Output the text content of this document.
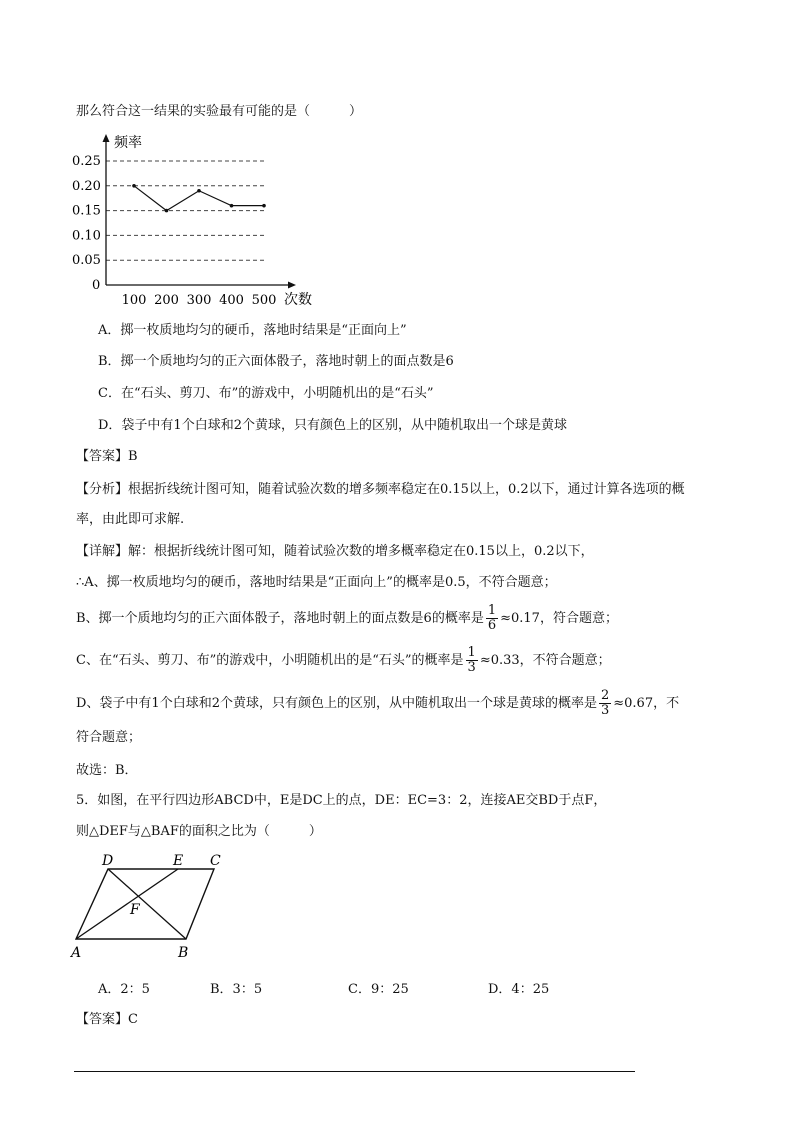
那么符合这一结果的实验最有可能的是（　　　）
0.25
0.20
0.15
0.10
0.05
0
频率
次数
100 200 300 400 500
A．掷一枚质地均匀的硬币，落地时结果是“正面向上”
B．掷一个质地均匀的正六面体骰子，落地时朝上的面点数是6
C．在“石头、剪刀、布”的游戏中，小明随机出的是“石头”
D．袋子中有1个白球和2个黄球，只有颜色上的区别，从中随机取出一个球是黄球
【答案】B
【分析】根据折线统计图可知，随着试验次数的增多频率稳定在0.15以上，0.2以下，通过计算各选项的概
率，由此即可求解.
【详解】解：根据折线统计图可知，随着试验次数的增多概率稳定在0.15以上，0.2以下，
∴A、掷一枚质地均匀的硬币，落地时结果是“正面向上”的概率是0.5，不符合题意；
B、掷一个质地均匀的正六面体骰子，落地时朝上的面点数是6的概率是 $\frac{1}{6} \approx 0.17$，符合题意；
C、在“石头、剪刀、布”的游戏中，小明随机出的是“石头”的概率是 $\frac{1}{3} \approx 0.33$，不符合题意；
D、袋子中有1个白球和2个黄球，只有颜色上的区别，从中随机取出一个球是黄球的概率是 $\frac{2}{3} \approx 0.67$，不
符合题意；
故选：B．
5．如图，在平行四边形ABCD中，E是DC上的点，DE：EC=3：2，连接AE交BD于点F，
则△DEF与△BAF的面积之比为（　　　）
D	E C
F
A	B
A．2：5	B．3：5	C．9：25	D．4：25
【答案】C
